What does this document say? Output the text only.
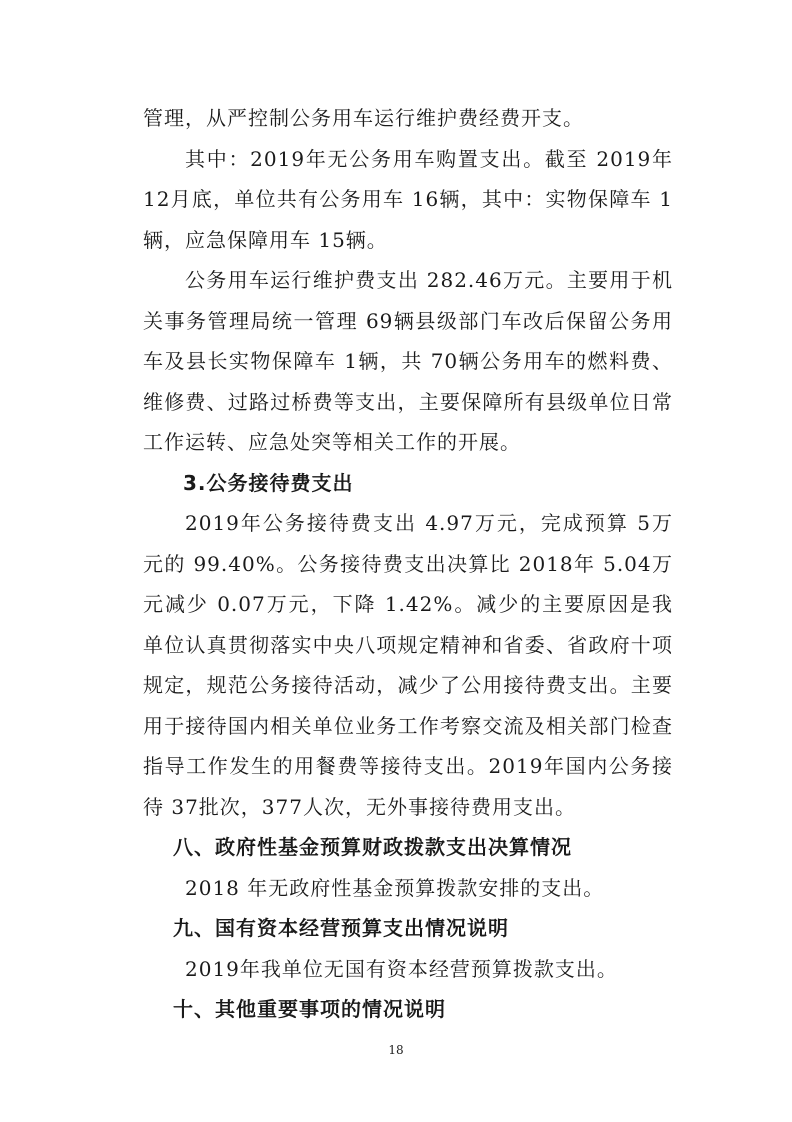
管理，从严控制公务用车运行维护费经费开支。

其中：2019年无公务用车购置支出。截至 2019年 12月底，单位共有公务用车 16辆，其中：实物保障车 1辆，应急保障用车 15辆。

公务用车运行维护费支出 282.46万元。主要用于机关事务管理局统一管理 69辆县级部门车改后保留公务用车及县长实物保障车 1辆，共 70辆公务用车的燃料费、维修费、过路过桥费等支出，主要保障所有县级单位日常工作运转、应急处突等相关工作的开展。

3.公务接待费支出

2019年公务接待费支出 4.97万元，完成预算 5万元的 99.40%。公务接待费支出决算比 2018年 5.04万元减少 0.07万元，下降 1.42%。减少的主要原因是我单位认真贯彻落实中央八项规定精神和省委、省政府十项规定，规范公务接待活动，减少了公用接待费支出。主要用于接待国内相关单位业务工作考察交流及相关部门检查指导工作发生的用餐费等接待支出。2019年国内公务接待 37批次，377人次，无外事接待费用支出。

八、政府性基金预算财政拨款支出决算情况

2018 年无政府性基金预算拨款安排的支出。

九、国有资本经营预算支出情况说明

2019年我单位无国有资本经营预算拨款支出。

十、其他重要事项的情况说明
18
